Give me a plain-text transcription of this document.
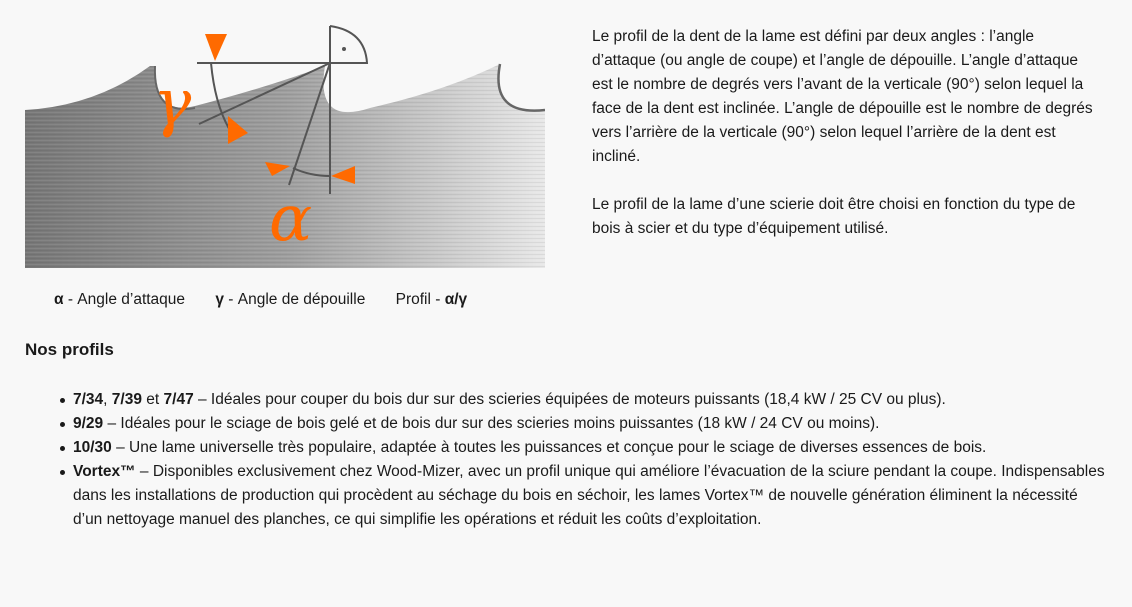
γ
α
α - Angle d’attaque γ - Angle de dépouille Profil - α/γ

Le profil de la dent de la lame est défini par deux angles : l’angle d’attaque (ou angle de coupe) et l’angle de dépouille. L’angle d’attaque est le nombre de degrés vers l’avant de la verticale (90°) selon lequel la face de la dent est inclinée. L’angle de dépouille est le nombre de degrés vers l’arrière de la verticale (90°) selon lequel l’arrière de la dent est incliné.

Le profil de la lame d’une scierie doit être choisi en fonction du type de bois à scier et du type d’équipement utilisé.

Nos profils
7/34, 7/39 et 7/47 – Idéales pour couper du bois dur sur des scieries équipées de moteurs puissants (18,4 kW / 25 CV ou plus).
9/29 – Idéales pour le sciage de bois gelé et de bois dur sur des scieries moins puissantes (18 kW / 24 CV ou moins).
10/30 – Une lame universelle très populaire, adaptée à toutes les puissances et conçue pour le sciage de diverses essences de bois.
Vortex™ – Disponibles exclusivement chez Wood-Mizer, avec un profil unique qui améliore l’évacuation de la sciure pendant la coupe. Indispensables dans les installations de production qui procèdent au séchage du bois en séchoir, les lames Vortex™ de nouvelle génération éliminent la nécessité d’un nettoyage manuel des planches, ce qui simplifie les opérations et réduit les coûts d’exploitation.
